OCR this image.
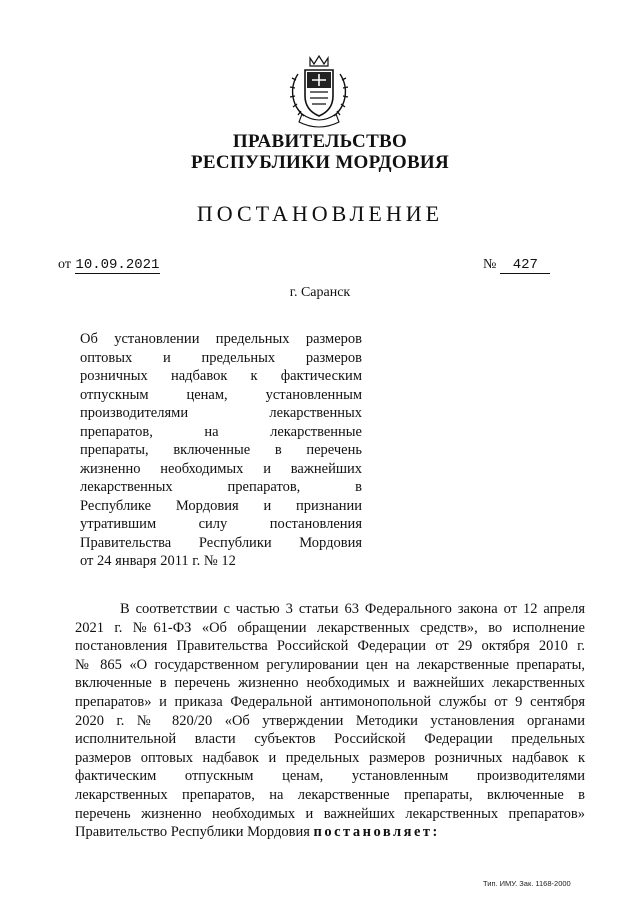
ПРАВИТЕЛЬСТВО
РЕСПУБЛИКИ МОРДОВИЯ
ПОСТАНОВЛЕНИЕ
от 10.09.2021	№ 427
г. Саранск
Об установлении предельных размеров
оптовых и предельных размеров
розничных надбавок к фактическим
отпускным ценам, установленным
производителями лекарственных
препаратов, на лекарственные
препараты, включенные в перечень
жизненно необходимых и важнейших
лекарственных препаратов, в
Республике Мордовия и признании
утратившим силу постановления
Правительства Республики Мордовия
от 24 января 2011 г. № 12
В соответствии с частью 3 статьи 63 Федерального закона от 12 апреля
2021 г. №61-ФЗ «Об обращении лекарственных средств», во исполнение
постановления Правительства Российской Федерации от 29 октября 2010 г.
№ 865 «О государственном регулировании цен на лекарственные препараты,
включенные в перечень жизненно необходимых и важнейших лекарственных
препаратов» и приказа Федеральной антимонопольной службы от 9 сентября
2020 г. № 820/20 «Об утверждении Методики установления органами
исполнительной власти субъектов Российской Федерации предельных
размеров оптовых надбавок и предельных размеров розничных надбавок к
фактическим отпускным ценам, установленным производителями
лекарственных препаратов, на лекарственные препараты, включенные в
перечень жизненно необходимых и важнейших лекарственных препаратов»
Правительство Республики Мордовия постановляет:
Тип. ИМУ. Зак. 1168-2000
